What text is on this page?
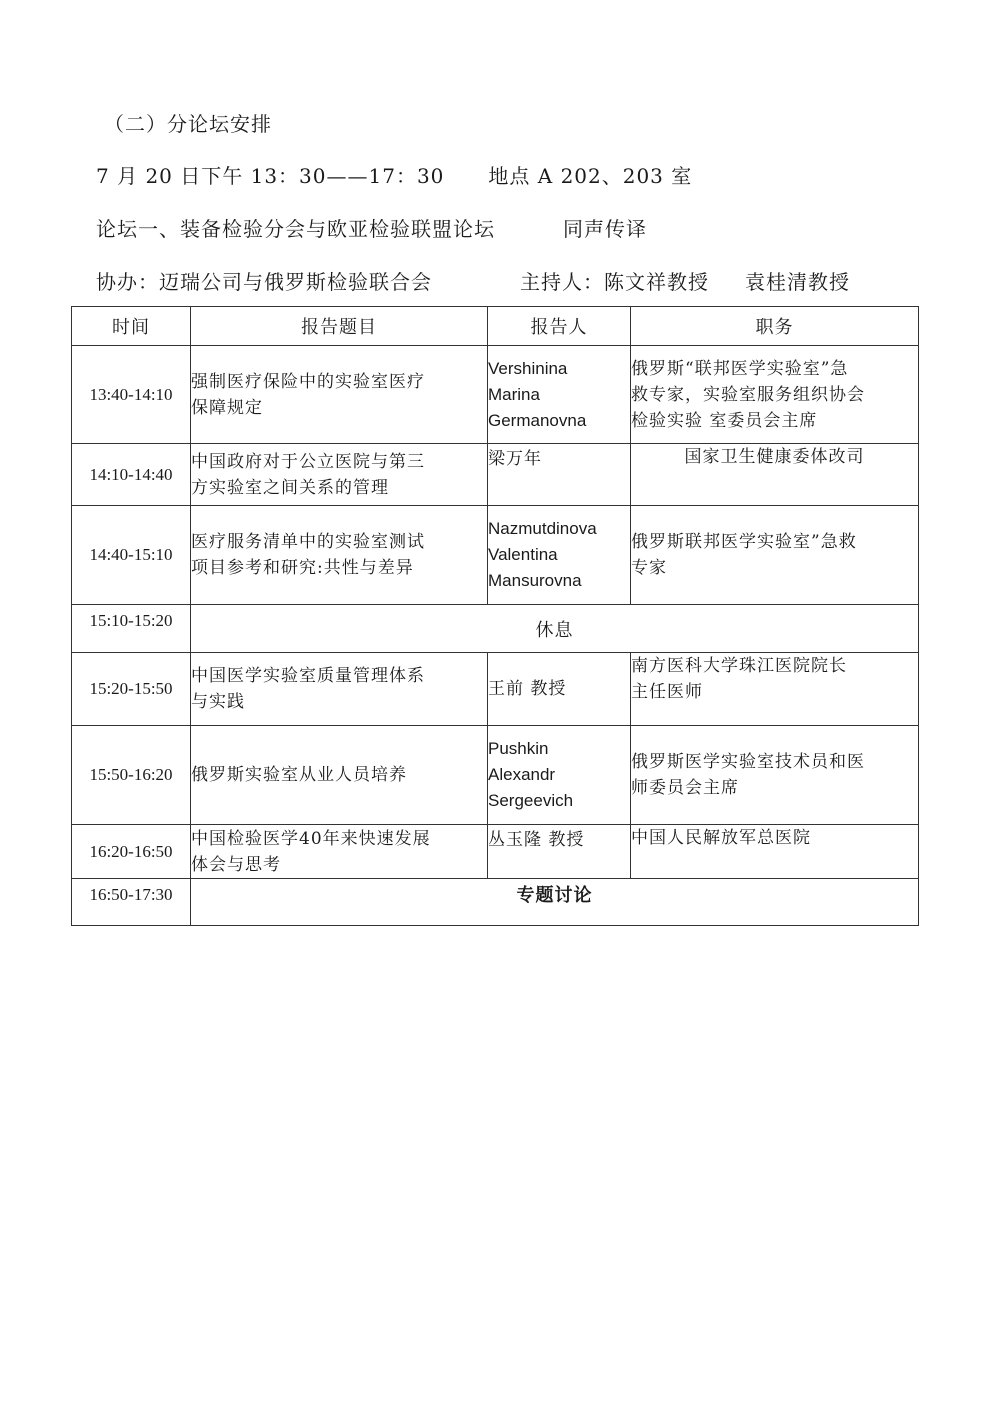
（二）分论坛安排
7 月 20 日下午 13：30——17：30 地点 A 202、203 室
论坛一、装备检验分会与欧亚检验联盟论坛	同声传译
协办：迈瑞公司与俄罗斯检验联合会	主持人：陈文祥教授 袁桂清教授
时间	报告题目	报告人	职务
13:40-14:10	强制医疗保险中的实验室医疗
保障规定	Vershinina
Marina
Germanovna	俄罗斯“联邦医学实验室”急
救专家，实验室服务组织协会
检验实验 室委员会主席

14:10-14:40	中国政府对于公立医院与第三
方实验室之间关系的管理	梁万年	国家卫生健康委体改司

14:40-15:10	医疗服务清单中的实验室测试
项目参考和研究:共性与差异	Nazmutdinova
Valentina
Mansurovna	俄罗斯联邦医学实验室”急救
专家

15:10-15:20	休息		
15:20-15:50	中国医学实验室质量管理体系
与实践	王前 教授	南方医科大学珠江医院院长
主任医师

15:50-16:20	俄罗斯实验室从业人员培养	Pushkin
Alexandr
Sergeevich	俄罗斯医学实验室技术员和医
师委员会主席

16:20-16:50	中国检验医学40年来快速发展
体会与思考	丛玉隆 教授	中国人民解放军总医院

16:50-17:30	专题讨论		
